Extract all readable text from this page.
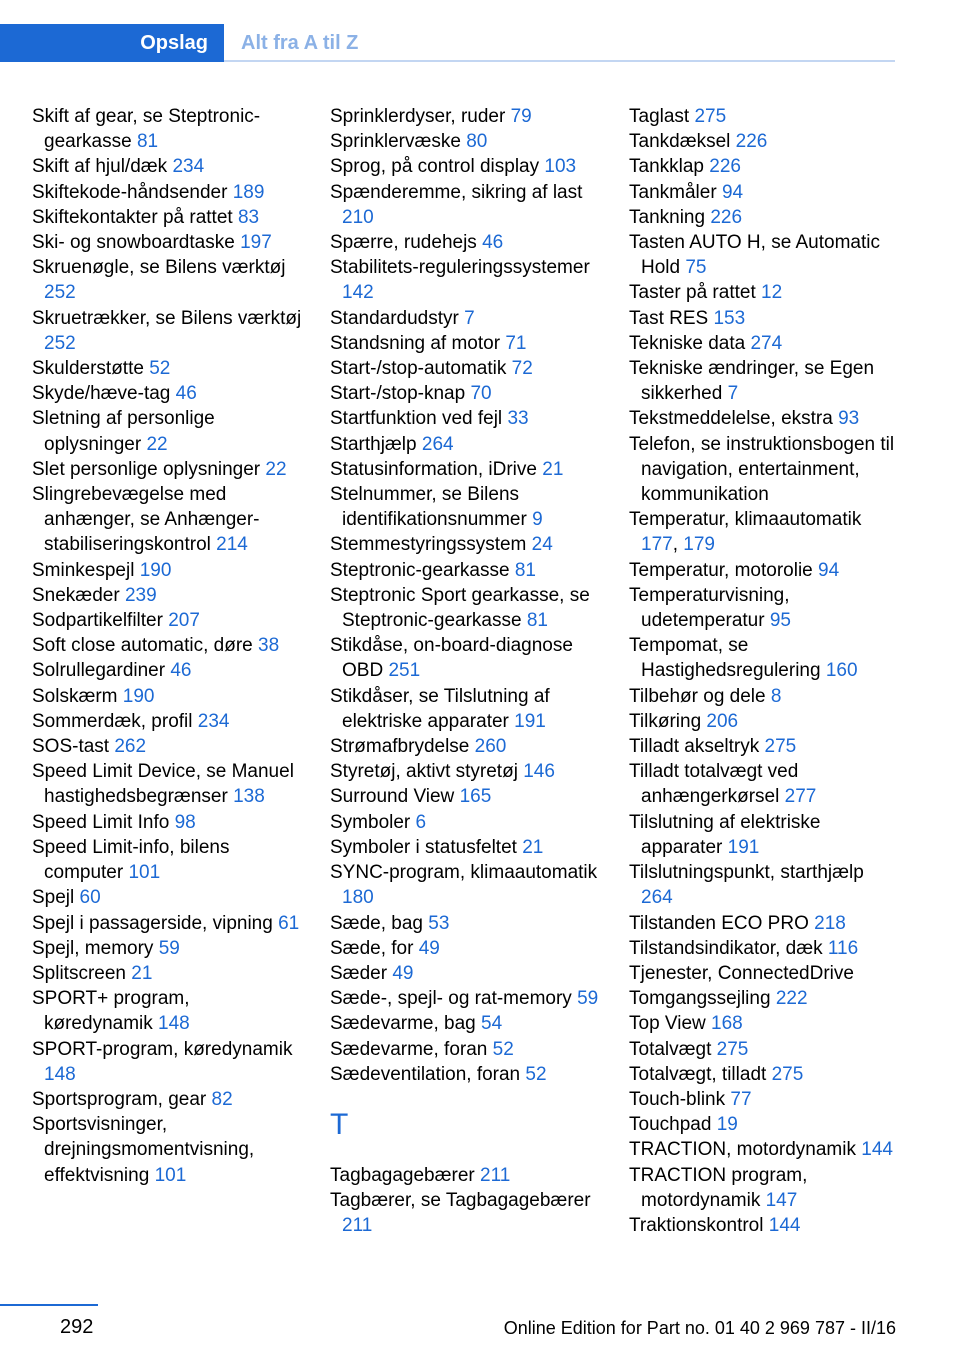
Opslag	Alt fra A til Z
Skift af gear, se Steptronic-gearkasse 81
Skift af hjul/dæk 234
Skiftekode-håndsender 189
Skiftekontakter på rattet 83
Ski- og snowboardtaske 197
Skruenøgle, se Bilens værktøj 252
Skruetrækker, se Bilens værktøj 252
Skulderstøtte 52
Skyde/hæve-tag 46
Sletning af personlige oplysninger 22
Slet personlige oplysninger 22
Slingrebevægelse med anhænger, se Anhænger-stabiliseringskontrol 214
Sminkespejl 190
Snekæder 239
Sodpartikelfilter 207
Soft close automatic, døre 38
Solrullegardiner 46
Solskærm 190
Sommerdæk, profil 234
SOS-tast 262
Speed Limit Device, se Manuel hastighedsbegrænser 138
Speed Limit Info 98
Speed Limit-info, bilens computer 101
Spejl 60
Spejl i passagerside, vipning 61
Spejl, memory 59
Splitscreen 21
SPORT+ program, køredynamik 148
SPORT-program, køredynamik 148
Sportsprogram, gear 82
Sportsvisninger, drejningsmomentvisning, effektvisning 101
Sprinklerdyser, ruder 79
Sprinklervæske 80
Sprog, på control display 103
Spænderemme, sikring af last 210
Spærre, rudehejs 46
Stabilitets-reguleringssystemer 142
Standardudstyr 7
Standsning af motor 71
Start-/stop-automatik 72
Start-/stop-knap 70
Startfunktion ved fejl 33
Starthjælp 264
Statusinformation, iDrive 21
Stelnummer, se Bilens identifikationsnummer 9
Stemmestyringssystem 24
Steptronic-gearkasse 81
Steptronic Sport gearkasse, se Steptronic-gearkasse 81
Stikdåse, on-board-diagnose OBD 251
Stikdåser, se Tilslutning af elektriske apparater 191
Strømafbrydelse 260
Styretøj, aktivt styretøj 146
Surround View 165
Symboler 6
Symboler i statusfeltet 21
SYNC-program, klimaautomatik 180
Sæde, bag 53
Sæde, for 49
Sæder 49
Sæde-, spejl- og rat-memory 59
Sædevarme, bag 54
Sædevarme, foran 52
Sædeventilation, foran 52
T
Tagbagagebærer 211
Tagbærer, se Tagbagagebærer 211
Taglast 275
Tankdæksel 226
Tankklap 226
Tankmåler 94
Tankning 226
Tasten AUTO H, se Automatic Hold 75
Taster på rattet 12
Tast RES 153
Tekniske data 274
Tekniske ændringer, se Egen sikkerhed 7
Tekstmeddelelse, ekstra 93
Telefon, se instruktionsbogen til navigation, entertainment, kommunikation
Temperatur, klimaautomatik 177, 179
Temperatur, motorolie 94
Temperaturvisning, udetemperatur 95
Tempomat, se Hastighedsregulering 160
Tilbehør og dele 8
Tilkøring 206
Tilladt akseltryk 275
Tilladt totalvægt ved anhængerkørsel 277
Tilslutning af elektriske apparater 191
Tilslutningspunkt, starthjælp 264
Tilstanden ECO PRO 218
Tilstandsindikator, dæk 116
Tjenester, ConnectedDrive
Tomgangssejling 222
Top View 168
Totalvægt 275
Totalvægt, tilladt 275
Touch-blink 77
Touchpad 19
TRACTION, motordynamik 144
TRACTION program, motordynamik 147
Traktionskontrol 144
292	Online Edition for Part no. 01 40 2 969 787 - II/16
